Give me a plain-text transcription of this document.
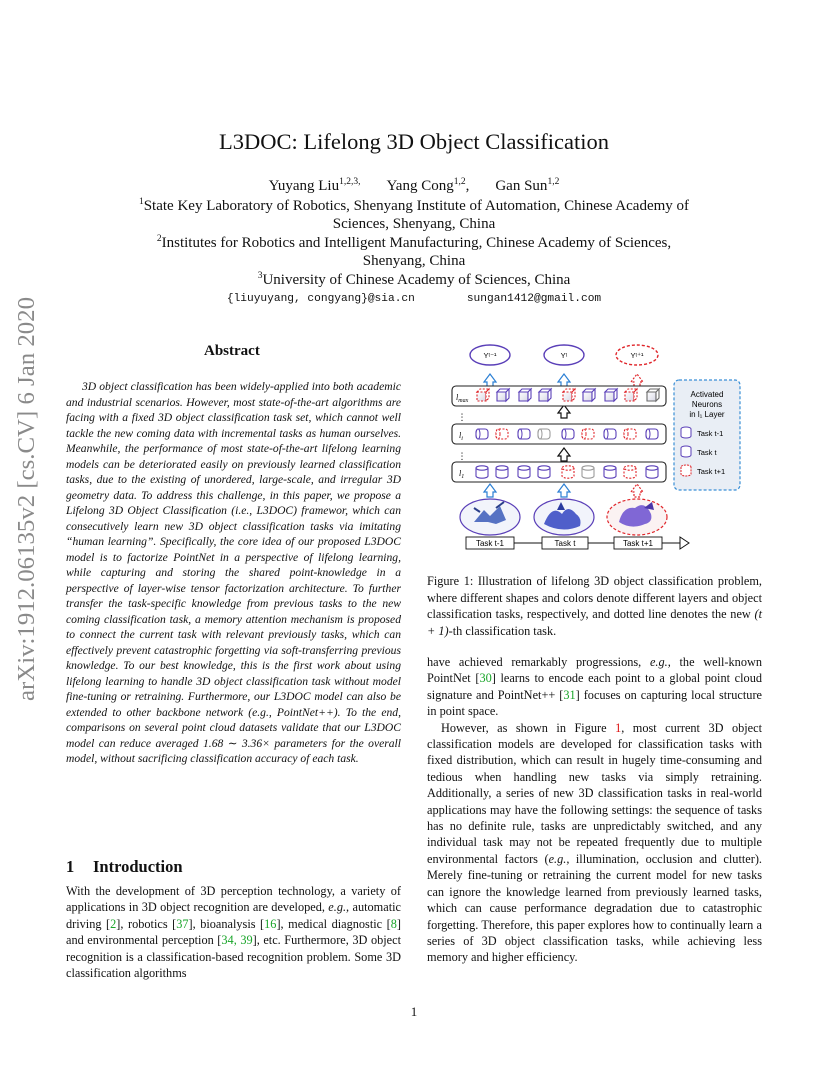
arXiv:1912.06135v2 [cs.CV] 6 Jan 2020
L3DOC: Lifelong 3D Object Classification
Yuyang Liu$^{1,2,3,}$ Yang Cong$^{1,2}$, Gan Sun$^{1,2}$
$^1$State Key Laboratory of Robotics, Shenyang Institute of Automation, Chinese Academy of
Sciences, Shenyang, China
$^2$Institutes for Robotics and Intelligent Manufacturing, Chinese Academy of Sciences,
Shenyang, China
$^3$University of Chinese Academy of Sciences, China
{liuyuyang, congyang}@sia.cn	sungan1412@gmail.com
Abstract
3D object classification has been widely-applied into both academic and industrial scenarios. However, most state-of-the-art algorithms are facing with a fixed 3D object classification task set, which cannot well tackle the new coming data with incremental tasks as human ourselves. Meanwhile, the performance of most state-of-the-art lifelong learning models can be deteriorated easily on previously learned classification tasks, due to the existing of unordered, large-scale, and irregular 3D geometry data. To address this challenge, in this paper, we propose a Lifelong 3D Object Classification (i.e., L3DOC) framewor, which can consecutively learn new 3D object classification tasks via imitating “human learning”. Specifically, the core idea of our proposed L3DOC model is to factorize PointNet in a perspective of lifelong learning, while capturing and storing the shared point-knowledge in a perspective of layer-wise tensor factorization architecture. To further transfer the task-specific knowledge from previous tasks to the new coming classification task, a memory attention mechanism is proposed to connect the current task with relevant previously tasks, which can effectively prevent catastrophic forgetting via soft-transferring previous knowledge. To our best knowledge, this is the first work about using lifelong learning to handle 3D object classification task without model fine-tuning or retraining. Furthermore, our L3DOC model can also be extended to other backbone network (e.g., PointNet++). To the end, comparisons on several point cloud datasets validate that our L3DOC model can reduce averaged 1.68 ∼ 3.36× parameters for the overall model, without sacrificing classification accuracy of each task.
1 Introduction
With the development of 3D perception technology, a variety of applications in 3D object recognition are developed, e.g., automatic driving [2], robotics [37], bioanalysis [16], medical diagnostic [8] and environmental perception [34, 39], etc. Furthermore, 3D object recognition is a classification-based recognition problem. Some 3D classification algorithms
Yᵗ⁻¹	Yᵗ	Yᵗ⁺¹
$l_{max}$
⋮
$l_i$
⋮
$l_1$
Activated
Neurons
in l₁ Layer
Task t-1
Task t
Task t+1
Task t-1	Task t	Task t+1
Figure 1: Illustration of lifelong 3D object classification problem, where different shapes and colors denote different layers and object classification tasks, respectively, and dotted line denotes the new (t + 1)-th classification task.

have achieved remarkably progressions, e.g., the well-known PointNet [30] learns to encode each point to a global point cloud signature and PointNet++ [31] focuses on capturing local structure in point space.

However, as shown in Figure 1, most current 3D object classification models are developed for classification tasks with fixed distribution, which can result in hugely time-consuming and tedious when handling new tasks via simply retraining. Additionally, a series of new 3D classification tasks in real-world applications may have the following settings: the sequence of tasks has no definite rule, tasks are unpredictably switched, and any individual task may not be repeated frequently due to multiple environmental factors (e.g., illumination, occlusion and clutter). Merely fine-tuning or retraining the current model for new tasks can ignore the knowledge learned from previously learned tasks, which can cause performance degradation due to catastrophic forgetting. Therefore, this paper explores how to continually learn a series of 3D object classification tasks, while achieving less memory and higher efficiency.

1
